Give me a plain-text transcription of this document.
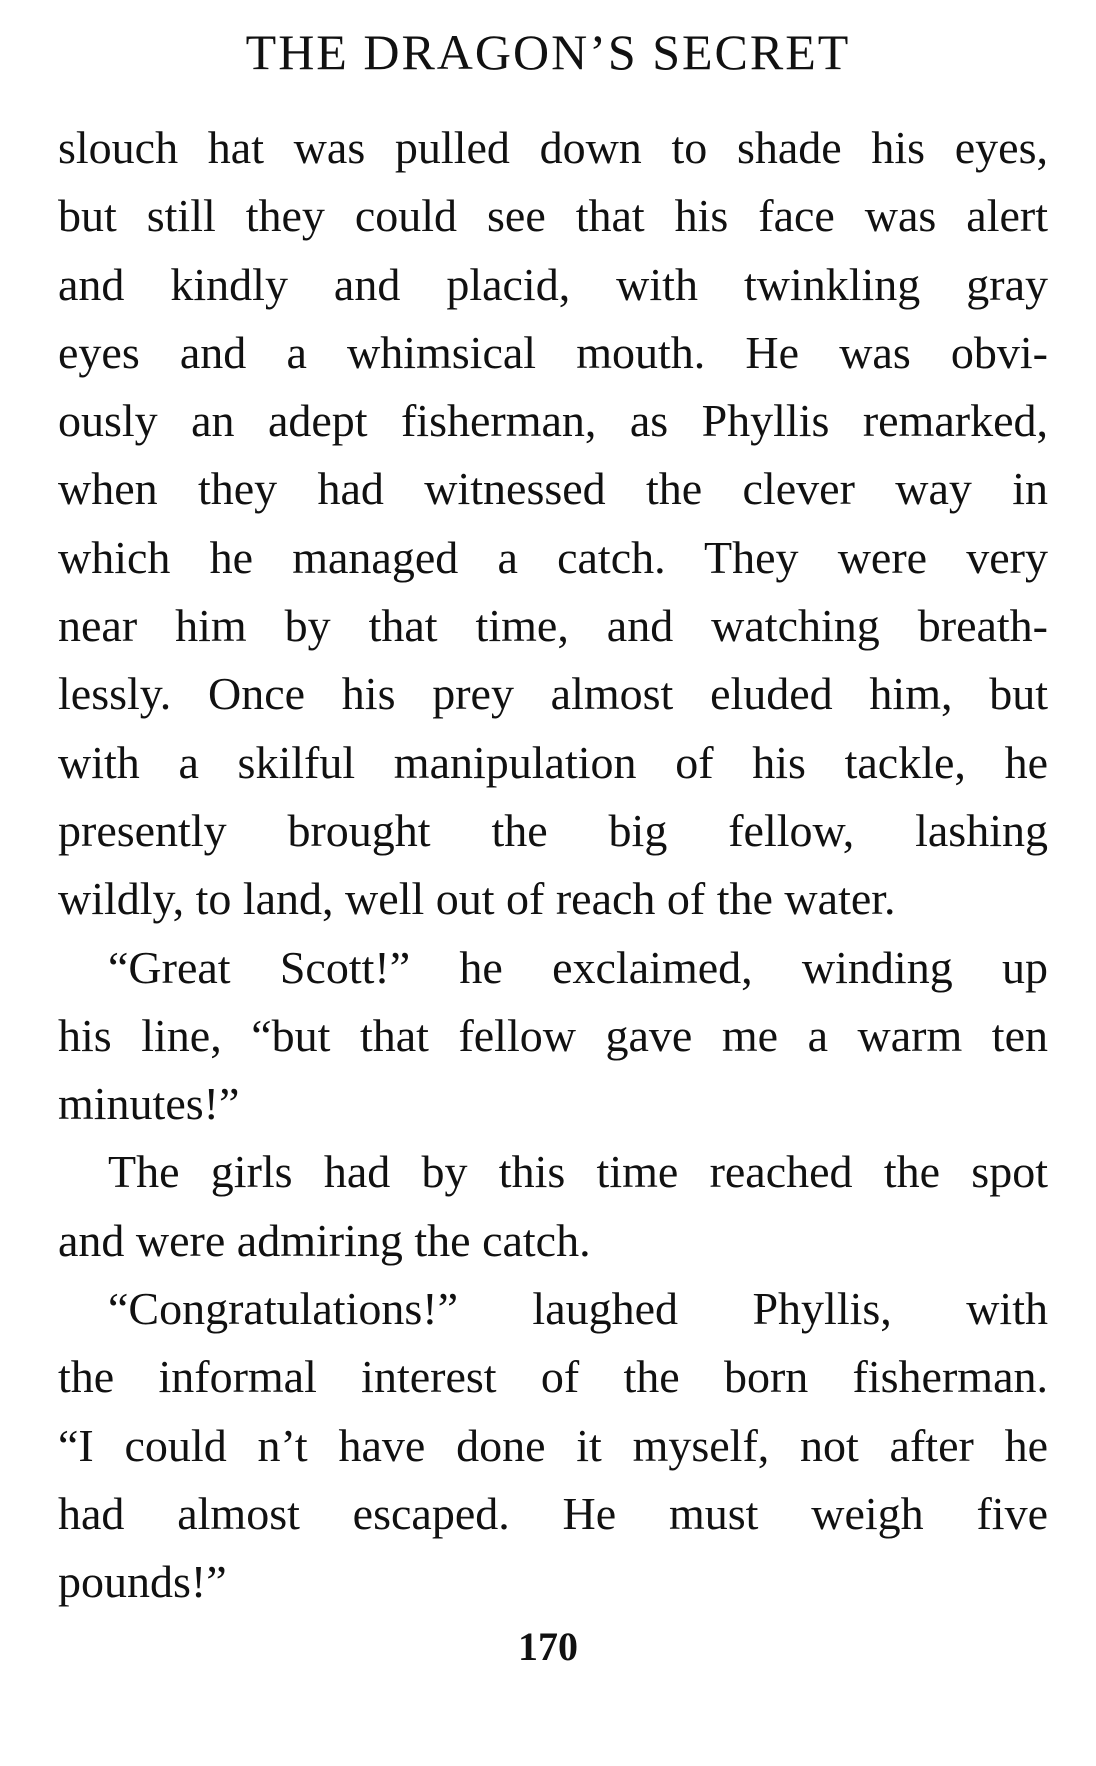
THE DRAGON’S SECRET
slouch hat was pulled down to shade his eyes,
but still they could see that his face was alert
and kindly and placid, with twinkling gray
eyes and a whimsical mouth. He was obvi-
ously an adept fisherman, as Phyllis remarked,
when they had witnessed the clever way in
which he managed a catch. They were very
near him by that time, and watching breath-
lessly. Once his prey almost eluded him, but
with a skilful manipulation of his tackle, he
presently brought the big fellow, lashing
wildly, to land, well out of reach of the water.
“Great Scott!” he exclaimed, winding up
his line, “but that fellow gave me a warm ten
minutes!”
The girls had by this time reached the spot
and were admiring the catch.
“Congratulations!” laughed Phyllis, with
the informal interest of the born fisherman.
“I could n’t have done it myself, not after he
had almost escaped. He must weigh five
pounds!”
170
